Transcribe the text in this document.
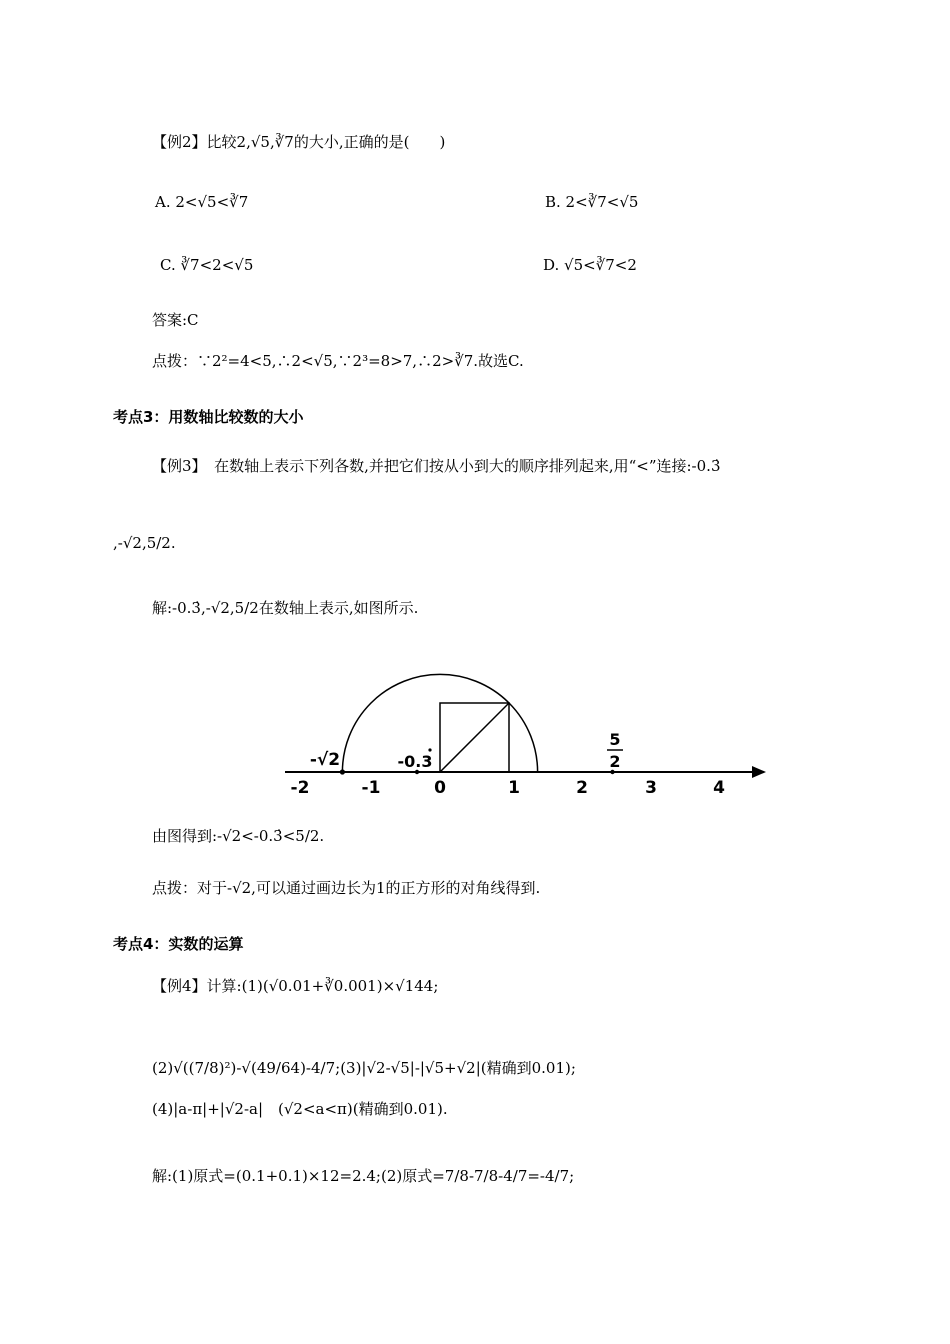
【例2】比较2,√5,∛7的大小,正确的是(　　)
A. 2<√5<∛7	B. 2<∛7<√5
C. ∛7<2<√5	D. √5<∛7<2
答案:C
点拨：∵2²=4<5,∴2<√5,∵2³=8>7,∴2>∛7.故选C.
考点3：用数轴比较数的大小
【例3】　 在数轴上表示下列各数,并把它们按从小到大的顺序排列起来,用“<”连接:-0.3̇
,-√2,5/2.
解:-0.3̇,-√2,5/2在数轴上表示,如图所示.
-2	-1	0	1	2	3	4
-√2	-0.3
5
2
由图得到:-√2<-0.3̇<5/2.
点拨：对于-√2,可以通过画边长为1的正方形的对角线得到.
考点4：实数的运算
【例4】计算:(1)(√0.01+∛0.001)×√144;
(2)√((7/8)²)-√(49/64)-4/7;(3)|√2-√5|-|√5+√2|(精确到0.01);
(4)|a-π|+|√2-a|　(√2<a<π)(精确到0.01).
解:(1)原式=(0.1+0.1)×12=2.4;(2)原式=7/8-7/8-4/7=-4/7;
